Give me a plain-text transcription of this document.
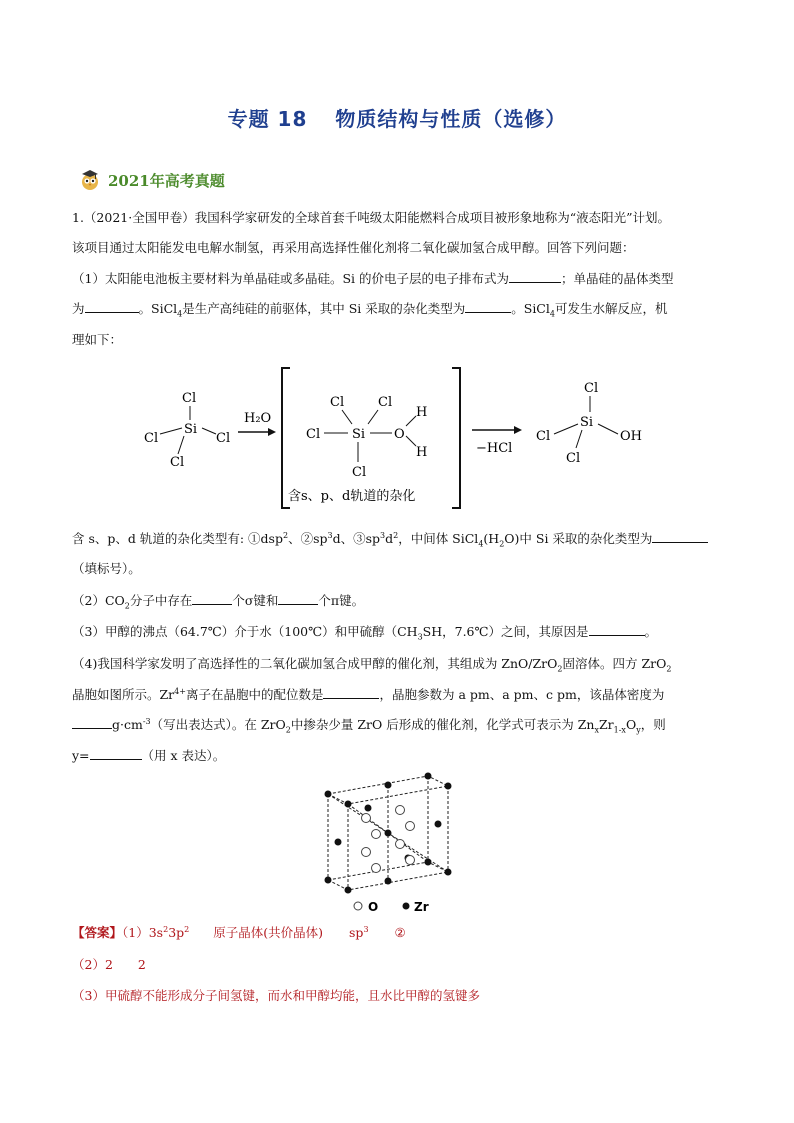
专题 18 物质结构与性质（选修）
2021年高考真题
1.（2021·全国甲卷）我国科学家研发的全球首套千吨级太阳能燃料合成项目被形象地称为“液态阳光”计划。
该项目通过太阳能发电电解水制氢，再采用高选择性催化剂将二氧化碳加氢合成甲醇。回答下列问题：
（1）太阳能电池板主要材料为单晶硅或多晶硅。Si 的价电子层的电子排布式为	；单晶硅的晶体类型
为	。SiCl$_4$是生产高纯硅的前驱体，其中 Si 采取的杂化类型为	。SiCl$_4$可发生水解反应，机
理如下：
Si
Cl
Cl	Cl
Cl
H₂O
Si
Cl	Cl
Cl
Cl
O
H
H
含s、p、d轨道的杂化
−HCl
Si
Cl
Cl
Cl
OH
含 s、p、d 轨道的杂化类型有: ①dsp$^2$、$②sp^3d$、$③sp^3d^2$，中间体 $SiCl_4(H_2O)$中 Si 采取的杂化类型为
（填标号）。
$(2)CO_2$分子中存在	个σ键和	个π键。
（3）甲醇的沸点（64.7℃）介于水（100℃）和甲硫醇（$CH_3SH$，7.6℃）之间，其原因是	。
（4)我国科学家发明了高选择性的二氧化碳加氢合成甲醇的催化剂，其组成为 ZnO/ZrO$_2$固溶体。四方 ZrO$_2$
晶胞如图所示。$Zr^{4+}$离子在晶胞中的配位数是	，晶胞参数为 a pm、a pm、c pm，该晶体密度为
$g\cdot cm^{-3}$（写出表达式）。在 ZrO$_2$中掺杂少量 ZrO 后形成的催化剂，化学式可表示为 $Zn_xZr_{1-x}O_y$，则
y=	（用 x 表达）。
O	Zr
【答案】$(1)3s^23p^2$ 原子晶体(共价晶体) $sp^3$ ②
（2）2　　2
（3）甲硫醇不能形成分子间氢键，而水和甲醇均能，且水比甲醇的氢键多
